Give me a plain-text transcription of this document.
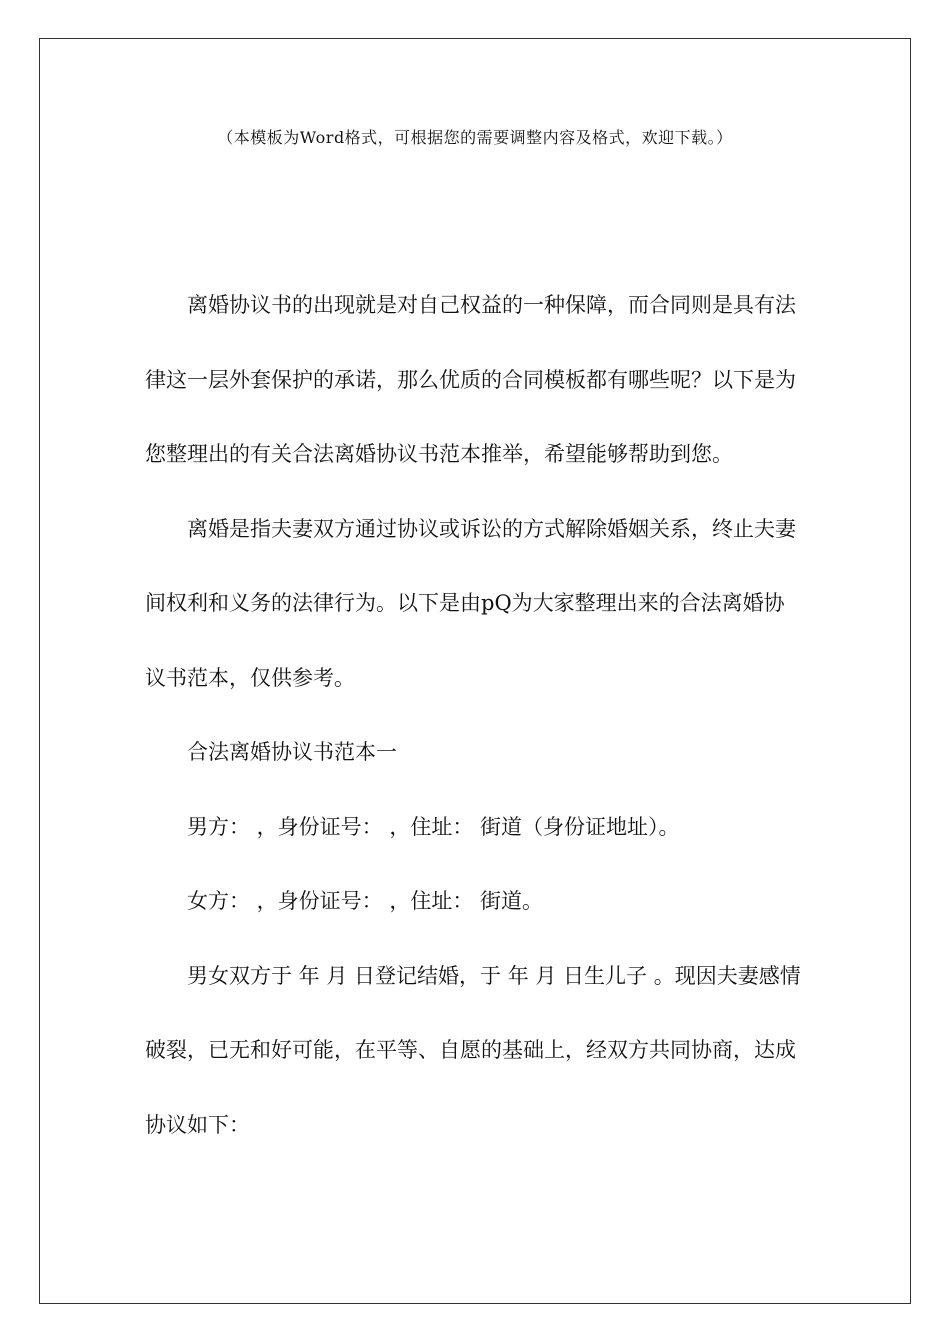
（本模板为Word格式，可根据您的需要调整内容及格式，欢迎下载。）

离婚协议书的出现就是对自己权益的一种保障，而合同则是具有法律这一层外套保护的承诺，那么优质的合同模板都有哪些呢？以下是为您整理出的有关合法离婚协议书范本推举，希望能够帮助到您。

离婚是指夫妻双方通过协议或诉讼的方式解除婚姻关系，终止夫妻间权利和义务的法律行为。以下是由pQ为大家整理出来的合法离婚协议书范本，仅供参考。

合法离婚协议书范本一

男方： ，身份证号： ，住址： 街道（身份证地址）。

女方： ，身份证号： ，住址： 街道。

男女双方于 年 月 日登记结婚，于 年 月 日生儿子 。现因夫妻感情破裂，已无和好可能，在平等、自愿的基础上，经双方共同协商，达成协议如下：
